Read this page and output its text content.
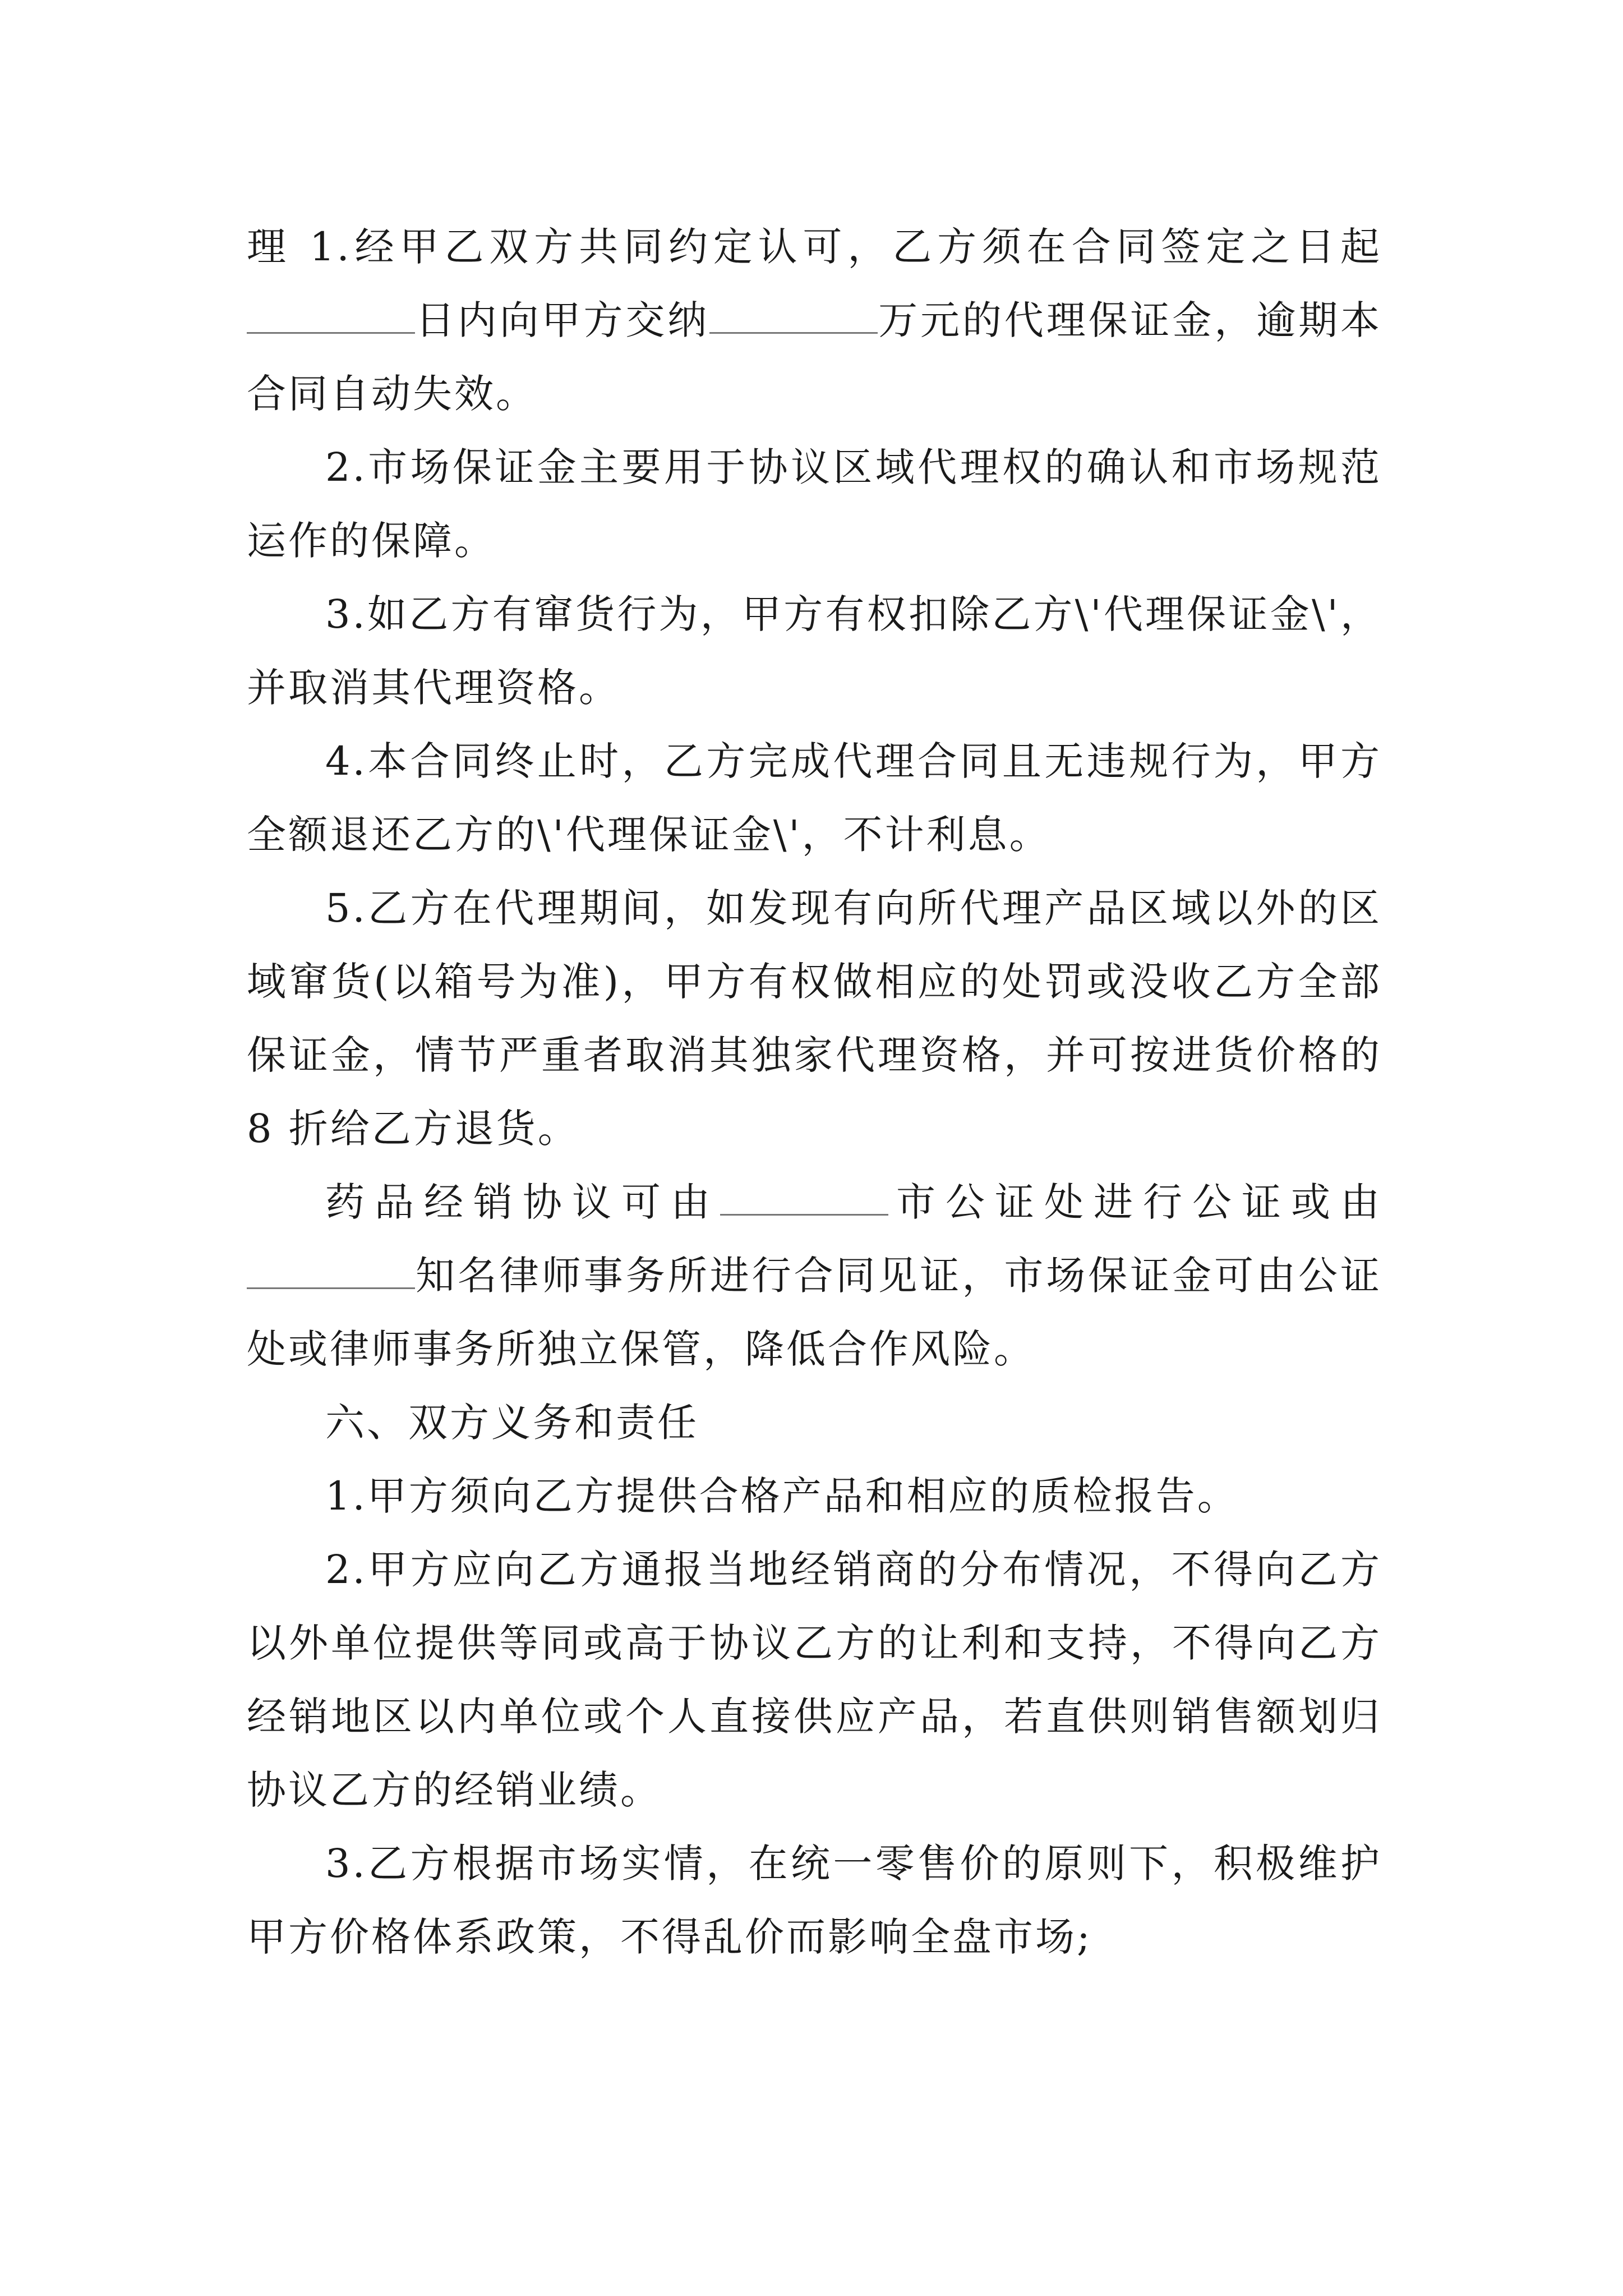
理 1.经甲乙双方共同约定认可，乙方须在合同签定之日起日内向甲方交纳	万元的代理保证金，逾期本合同自动失效。

2.市场保证金主要用于协议区域代理权的确认和市场规范运作的保障。

3.如乙方有窜货行为，甲方有权扣除乙方\'代理保证金\'，并取消其代理资格。

4.本合同终止时，乙方完成代理合同且无违规行为，甲方全额退还乙方的\'代理保证金\'，不计利息。

5.乙方在代理期间，如发现有向所代理产品区域以外的区域窜货(以箱号为准)，甲方有权做相应的处罚或没收乙方全部保证金，情节严重者取消其独家代理资格，并可按进货价格的 8 折给乙方退货。

药品经销协议可由	市公证处进行公证或由知名律师事务所进行合同见证，市场保证金可由公证处或律师事务所独立保管，降低合作风险。

六、双方义务和责任

1.甲方须向乙方提供合格产品和相应的质检报告。

2.甲方应向乙方通报当地经销商的分布情况，不得向乙方以外单位提供等同或高于协议乙方的让利和支持，不得向乙方经销地区以内单位或个人直接供应产品，若直供则销售额划归协议乙方的经销业绩。

3.乙方根据市场实情，在统一零售价的原则下，积极维护甲方价格体系政策，不得乱价而影响全盘市场;
